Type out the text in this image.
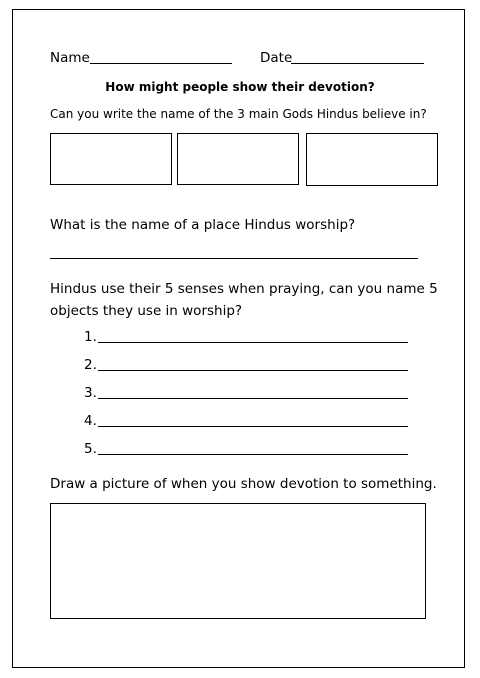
Name	Date
How might people show their devotion?
Can you write the name of the 3 main Gods Hindus believe in?
What is the name of a place Hindus worship?
Hindus use their 5 senses when praying, can you name 5
objects they use in worship?
1.
2.
3.
4.
5.
Draw a picture of when you show devotion to something.
